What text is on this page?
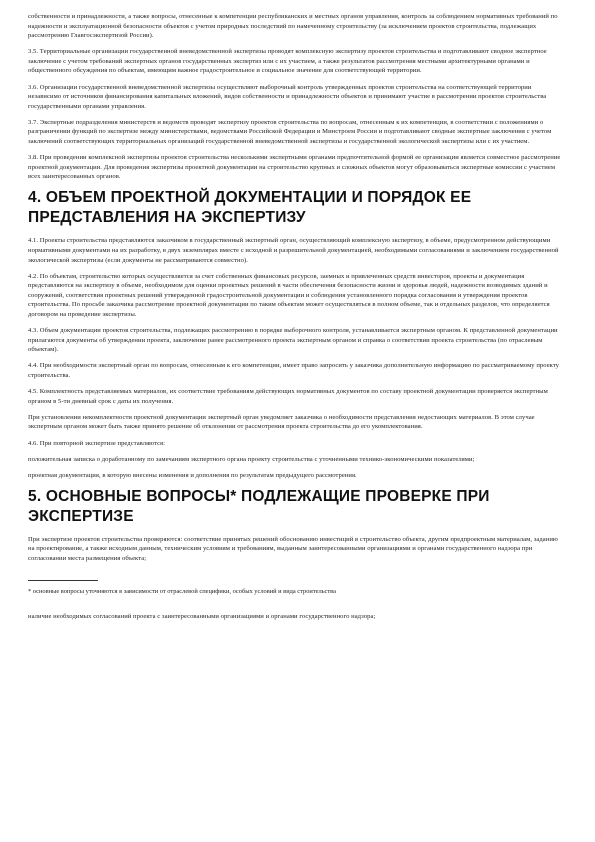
собственности и принадлежности, а также вопросы, отнесенные к компетенции республиканских и местных органов управления, контроль за соблюдением нормативных требований по надежности и эксплуатационной безопасности объектов с учетом природных последствий по намеченному строительству (за исключением проектов строительства, подлежащих рассмотрению Главгосэкспертизой России).

3.5. Территориальные организации государственной вневедомственной экспертизы проводят комплексную экспертизу проектов строительства и подготавливают сводное экспертное заключение с учетом требований экспертных органов государственных экспертиз или с их участием, а также результатов рассмотрения местными архитектурными органами и общественного обсуждения по объектам, имеющим важное градостроительное и социальное значение для соответствующей территории.

3.6. Организации государственной вневедомственной экспертизы осуществляют выборочный контроль утвержденных проектов строительства на соответствующей территории независимо от источников финансирования капитальных вложений, видов собственности и принадлежности объектов и принимают участие в рассмотрении проектов строительства государственными органами управления.

3.7. Экспертные подразделения министерств и ведомств проводят экспертизу проектов строительства по вопросам, отнесенным к их компетенции, в соответствии с положениями о разграничении функций по экспертизе между министерствами, ведомствами Российской Федерации и Минстроем России и подготавливают сводные экспертные заключения с учетом заключений соответствующих территориальных организаций государственной вневедомственной экспертизы и государственной экологической экспертизы или с их участием.

3.8. При проведении комплексной экспертизы проектов строительства несколькими экспертными органами предпочтительной формой ее организации является совместное рассмотрение проектной документации. Для проведения экспертизы проектной документации на строительство крупных и сложных объектов могут образовываться экспертные комиссии с участием всех заинтересованных органов.

4. ОБЪЕМ ПРОЕКТНОЙ ДОКУМЕНТАЦИИ И ПОРЯДОК ЕЕ ПРЕДСТАВЛЕНИЯ НА ЭКСПЕРТИЗУ

4.1. Проекты строительства представляются заказчиком в государственный экспертный орган, осуществляющий комплексную экспертизу, в объеме, предусмотренном действующими нормативными документами на их разработку, в двух экземплярах вместе с исходной и разрешительной документацией, необходимыми согласованиями и заключением государственной экологической экспертизы (если документы не рассматриваются совместно).

4.2. По объектам, строительство которых осуществляется за счет собственных финансовых ресурсов, заемных и привлеченных средств инвесторов, проекты и документация представляются на экспертизу в объеме, необходимом для оценки проектных решений в части обеспечения безопасности жизни и здоровья людей, надежности возводимых зданий и сооружений, соответствия проектных решений утвержденной градостроительной документации и соблюдения установленного порядка согласования и утверждения проектов строительства. По просьбе заказчика рассмотрение проектной документации по таким объектам может осуществляться в полном объеме, так и отдельных разделов, что определяется договором на проведение экспертизы.

4.3. Объем документации проектов строительства, подлежащих рассмотрению в порядке выборочного контроля, устанавливается экспертным органом. К представленной документации прилагаются документы об утверждении проекта, заключение ранее рассмотренного проекта экспертным органом и справка о соответствии проекта строительства (по отраслевым объектам).

4.4. При необходимости экспертный орган по вопросам, отнесенным к его компетенции, имеет право запросить у заказчика дополнительную информацию по рассматриваемому проекту строительства.

4.5. Комплектность представляемых материалов, их соответствие требованиям действующих нормативных документов по составу проектной документации проверяется экспертным органом в 5-ти дневный срок с даты их получения.

При установлении некомплектности проектной документации экспертный орган уведомляет заказчика о необходимости представления недостающих материалов. В этом случае экспертным органом может быть также принято решение об отклонении от рассмотрения проекта строительства до его укомплектования.

4.6. При повторной экспертизе представляются:

положительная записка о доработанному по замечаниям экспертного органа проекту строительства с уточненными технико-экономическими показателями;

проектная документация, в которую внесены изменения и дополнения по результатам предыдущего рассмотрения.

5. ОСНОВНЫЕ ВОПРОСЫ* ПОДЛЕЖАЩИЕ ПРОВЕРКЕ ПРИ ЭКСПЕРТИЗЕ

При экспертизе проектов строительства проверяются: соответствие принятых решений обоснованию инвестиций в строительство объекта, другим предпроектным материалам, заданию на проектирование, а также исходным данным, техническим условиям и требованиям, выданным заинтересованными организациями и органами государственного надзора при согласовании места размещения объекта;

* основные вопросы уточняются в зависимости от отраслевой специфики, особых условий и вида строительства

наличие необходимых согласований проекта с заинтересованными организациями и органами государственного надзора;
